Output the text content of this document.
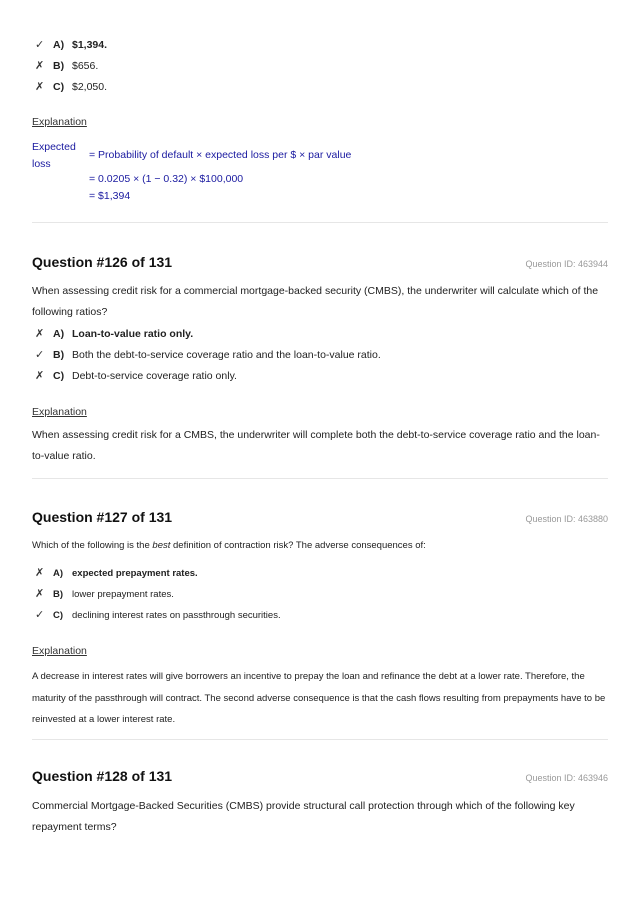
✓ A) $1,394.
✗ B) $656.
✗ C) $2,050.
Explanation
Expected
loss
= Probability of default × expected loss per $ × par value
= 0.0205 × (1 − 0.32) × $100,000
= $1,394
Question #126 of 131	Question ID: 463944
When assessing credit risk for a commercial mortgage-backed security (CMBS), the underwriter will calculate which of the following ratios?
✗ A) Loan-to-value ratio only.
✓ B) Both the debt-to-service coverage ratio and the loan-to-value ratio.
✗ C) Debt-to-service coverage ratio only.
Explanation
When assessing credit risk for a CMBS, the underwriter will complete both the debt-to-service coverage ratio and the loan-to-value ratio.
Question #127 of 131	Question ID: 463880
Which of the following is the best definition of contraction risk? The adverse consequences of:
✗ A) expected prepayment rates.
✗ B) lower prepayment rates.
✓ C) declining interest rates on passthrough securities.
Explanation
A decrease in interest rates will give borrowers an incentive to prepay the loan and refinance the debt at a lower rate. Therefore, the maturity of the passthrough will contract. The second adverse consequence is that the cash flows resulting from prepayments have to be reinvested at a lower interest rate.
Question #128 of 131	Question ID: 463946
Commercial Mortgage-Backed Securities (CMBS) provide structural call protection through which of the following key repayment terms?
